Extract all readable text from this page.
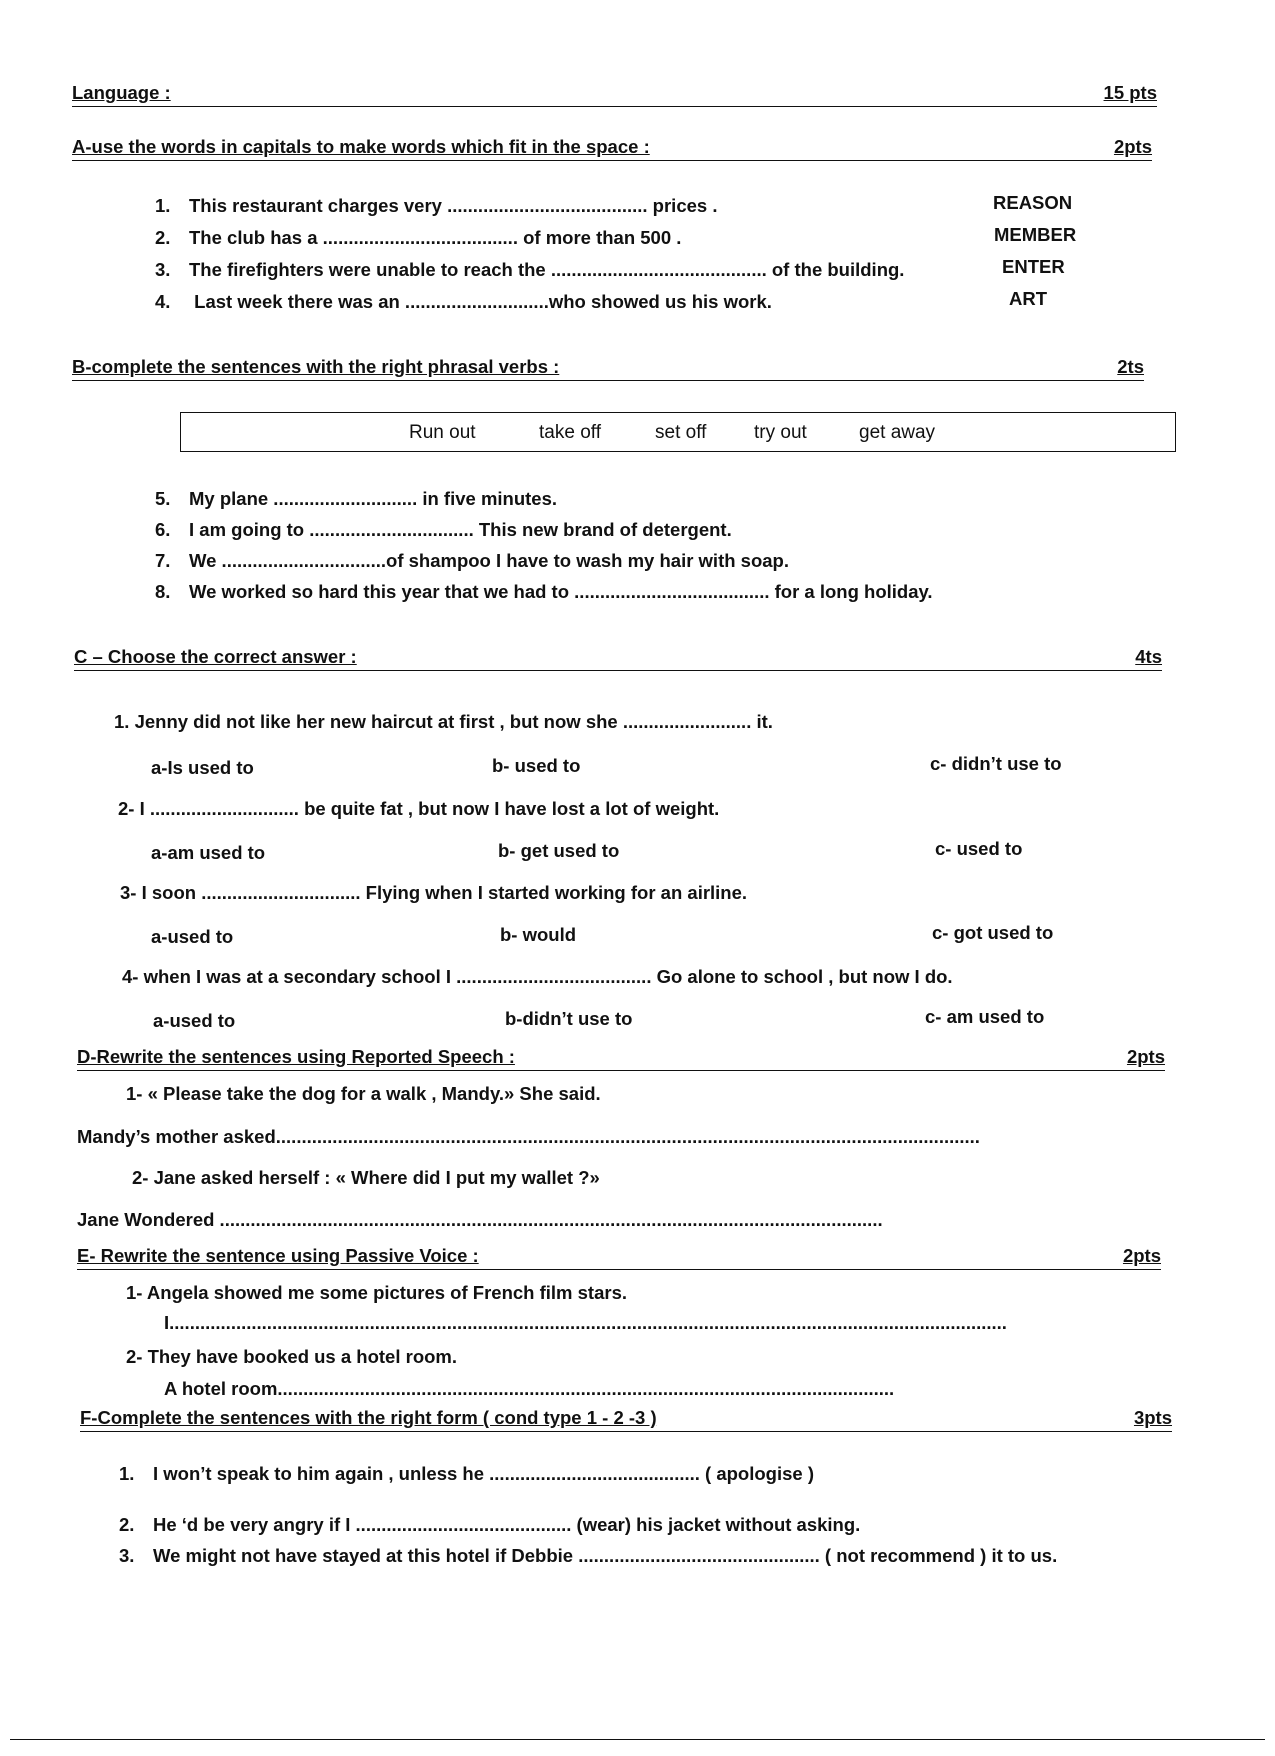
Language :	15 pts
A-use the words in capitals to make words which fit in the space :	2pts
1. This restaurant charges very ....................................... prices .	REASON
2. The club has a ...................................... of more than 500 .	MEMBER
3. The firefighters were unable to reach the .......................................... of the building.	ENTER
4. Last week there was an ............................who showed us his work.	ART
B-complete the sentences with the right phrasal verbs :	2ts
Run out	take off	set off	try out	get away
5. My plane ............................ in five minutes.
6. I am going to ................................ This new brand of detergent.
7. We ................................of shampoo I have to wash my hair with soap.
8. We worked so hard this year that we had to ...................................... for a long holiday.
C – Choose the correct answer :	4ts
1. Jenny did not like her new haircut at first , but now she ......................... it.
a-Is used to	b- used to	c- didn’t use to
2- I ............................. be quite fat , but now I have lost a lot of weight.
a-am used to	b- get used to	c- used to
3- I soon ............................... Flying when I started working for an airline.
a-used to	b- would	c- got used to
4- when I was at a secondary school I ...................................... Go alone to school , but now I do.
a-used to	b-didn’t use to	c- am used to
D-Rewrite the sentences using Reported Speech :	2pts
1- « Please take the dog for a walk , Mandy.» She said.
Mandy’s mother asked.........................................................................................................................................
2- Jane asked herself : « Where did I put my wallet ?»
Jane Wondered .................................................................................................................................
E- Rewrite the sentence using Passive Voice :	2pts
1- Angela showed me some pictures of French film stars.
I...................................................................................................................................................................
2- They have booked us a hotel room.
A hotel room........................................................................................................................
F-Complete the sentences with the right form ( cond type 1 - 2 -3 )	3pts
1. I won’t speak to him again , unless he ......................................... ( apologise )
2. He ‘d be very angry if I .......................................... (wear) his jacket without asking.
3. We might not have stayed at this hotel if Debbie ............................................... ( not recommend ) it to us.
